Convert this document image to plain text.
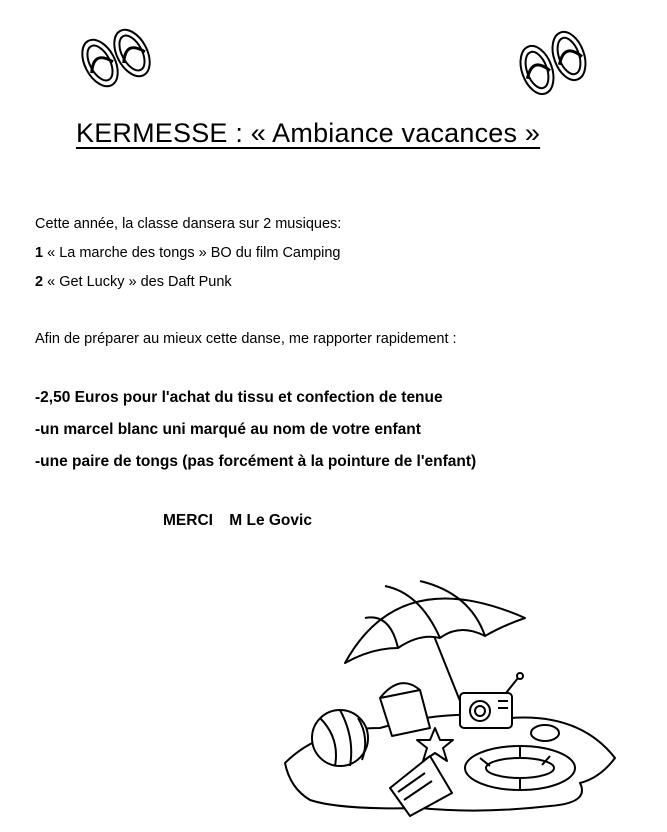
KERMESSE : « Ambiance vacances »
Cette année, la classe dansera sur 2 musiques:
1 « La marche des tongs » BO du film Camping
2 « Get Lucky » des Daft Punk
Afin de préparer au mieux cette danse, me rapporter rapidement :
-2,50 Euros pour l'achat du tissu et confection de tenue
-un marcel blanc uni marqué au nom de votre enfant
-une paire de tongs (pas forcément à la pointure de l'enfant)
MERCI M Le Govic
